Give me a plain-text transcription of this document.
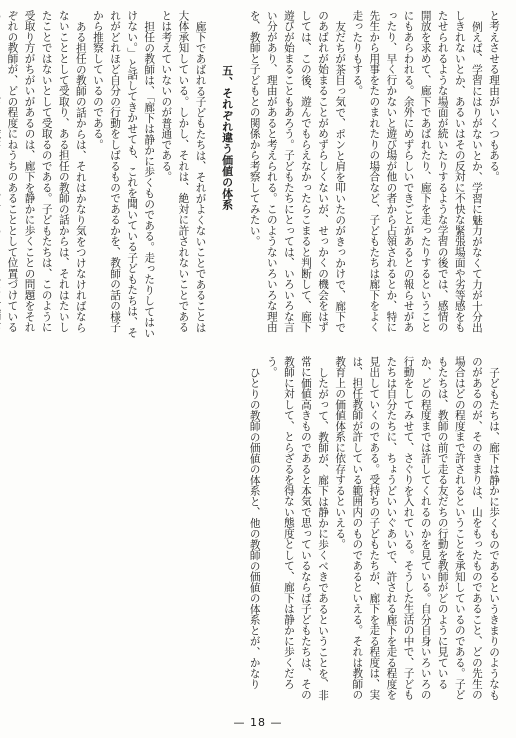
と考えさせる理由がいくつもある。

例えば、学習にはりがないとか、学習に魅力がなくて力が十分出しきれないとか、あるいはその反対に不快な緊張場面や劣等感をもたせられるような場面が続いたりするような学習の後では、感情の開放を求めて、廊下であばれたり、廊下を走ったりするということにもあらわれる。余外にめずらしいできごとがあるとの報らせがあったり、早く行かないと遊び場が他の者から占領されるとか、特に先生から用事をたのまれたりの場合など、子どもたちは廊下をよく走ったりもする。

友だちが茶目っ気で、ポンと肩を叩いたのがきっかけで、廊下でのあばれが始まることがめずらしくないが、せっかくの機会をはずしては、この後、遊んでもらえなかったらこまると判断して、廊下遊びが始まることもあろう。子どもたちにとっては、いろいろな言い分があり、理由があると考えられる。このようないろいろな理由を、教師と子どもとの関係から考察してみたい。

五、それぞれ違う価値の体系

廊下であばれる子どもたちは、それがよくないことであることは大体承知している。しかし、それは、絶対に許されないことであるとは考えていないのが普通である。

担任の教師は、「廊下は静かに歩くものである。走ったりしてはいけない。」と話してきかせても、これを聞いている子どもたちは、それがどれほど自分の行動をしばるものであるかを、教師の話の様子から推察しているのである。

ある担任の教師の話からは、それはかなり気をつけなければならないこととして受取り、ある担任の教師の話からは、それはたいしたことではないとして受取るのである。子どもたちは、このように受取り方がちがいがあるのは、廊下を静かに歩くことの問題をそれぞれの教師が、どの程度にねうちのあることとして位置づけている

子どもたちは、廊下は静かに歩くものであるというきまりのようなものがあるのが、そのきまりは、山をもったものであること、どの先生の場合はどの程度まで許されるということを承知しているのである。子どもたちは、教師の前で走る友だちの行動を教師がどのように見ているか、どの程度までは許してくれるのかを見ている。自分自身いろいろの行動をしてみせて、さぐりを入れている。そうした生活の中で、子どもたちは自分たちに、ちょうどいいぐあいで、許される廊下を走る程度を見出していくのである。受持ちの子どもたちが、廊下を走る程度は、実は、担任教師が許している範囲内のものであるといえる。それは教師の教育上の価値体系に依存するといえる。

したがって、教師が、廊下は静かに歩くべきであるということを、非常に価値高きものであると本気で思っているならば子どもたちは、その教師に対して、とらざるを得ない態度として、廊下は静かに歩くだろう。

ひとりの教師の価値の体系と、他の教師の価値の体系とが、かなり

— 18 —
